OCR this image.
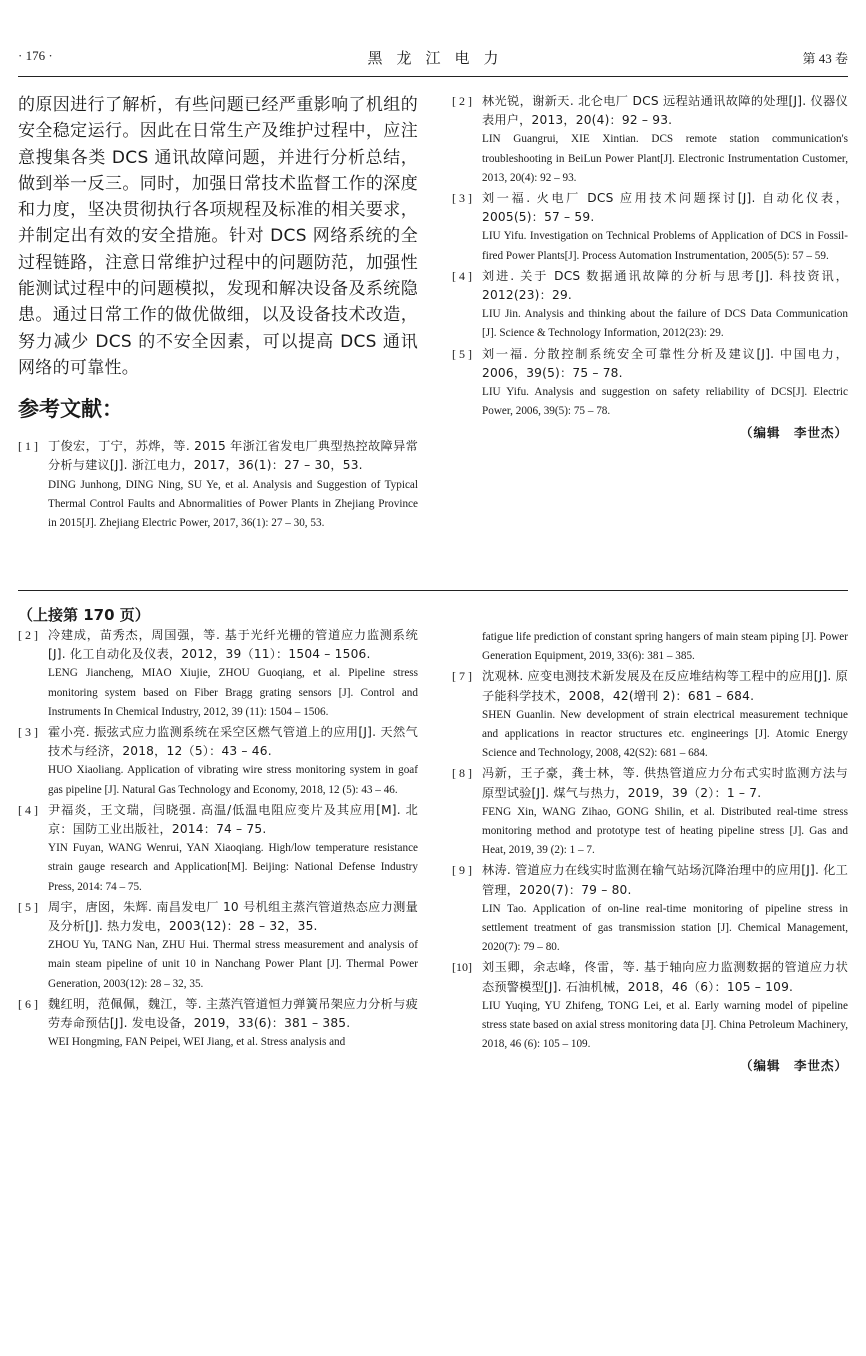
· 176 ·	黑龙江电力	第 43 卷

的原因进行了解析，有些问题已经严重影响了机组的安全稳定运行。因此在日常生产及维护过程中，应注意搜集各类 DCS 通讯故障问题，并进行分析总结，做到举一反三。同时，加强日常技术监督工作的深度和力度，坚决贯彻执行各项规程及标准的相关要求，并制定出有效的安全措施。针对 DCS 网络系统的全过程链路，注意日常维护过程中的问题防范，加强性能测试过程中的问题模拟，发现和解决设备及系统隐患。通过日常工作的做优做细，以及设备技术改造，努力减少 DCS 的不安全因素，可以提高 DCS 通讯网络的可靠性。

参考文献：
[ 1 ] 丁俊宏，丁宁，苏烨，等. 2015 年浙江省发电厂典型热控故障异常分析与建议[J]. 浙江电力，2017，36(1)：27 – 30，53.
DING Junhong, DING Ning, SU Ye, et al. Analysis and Suggestion of Typical Thermal Control Faults and Abnormalities of Power Plants in Zhejiang Province in 2015[J]. Zhejiang Electric Power, 2017, 36(1): 27 – 30, 53.
[ 2 ] 林光锐，谢新天. 北仑电厂 DCS 远程站通讯故障的处理[J]. 仪器仪表用户，2013，20(4)：92 – 93.
LIN Guangrui, XIE Xintian. DCS remote station communication's troubleshooting in BeiLun Power Plant[J]. Electronic Instrumentation Customer, 2013, 20(4): 92 – 93.
[ 3 ] 刘一福. 火电厂 DCS 应用技术问题探讨[J]. 自动化仪表，2005(5)：57 – 59.
LIU Yifu. Investigation on Technical Problems of Application of DCS in Fossil-fired Power Plants[J]. Process Automation Instrumentation, 2005(5): 57 – 59.
[ 4 ] 刘进. 关于 DCS 数据通讯故障的分析与思考[J]. 科技资讯，2012(23)：29.
LIU Jin. Analysis and thinking about the failure of DCS Data Communication [J]. Science & Technology Information, 2012(23): 29.
[ 5 ] 刘一福. 分散控制系统安全可靠性分析及建议[J]. 中国电力，2006，39(5)：75 – 78.
LIU Yifu. Analysis and suggestion on safety reliability of DCS[J]. Electric Power, 2006, 39(5): 75 – 78.
（编辑　李世杰）
（上接第 170 页）
[ 2 ] 冷建成，苗秀杰，周国强，等. 基于光纤光栅的管道应力监测系统[J]. 化工自动化及仪表，2012，39（11）：1504 – 1506.
LENG Jiancheng, MIAO Xiujie, ZHOU Guoqiang, et al. Pipeline stress monitoring system based on Fiber Bragg grating sensors [J]. Control and Instruments In Chemical Industry, 2012, 39 (11): 1504 – 1506.
[ 3 ] 霍小亮. 振弦式应力监测系统在采空区燃气管道上的应用[J]. 天然气技术与经济，2018，12（5）：43 – 46.
HUO Xiaoliang. Application of vibrating wire stress monitoring system in goaf gas pipeline [J]. Natural Gas Technology and Economy, 2018, 12 (5): 43 – 46.
[ 4 ] 尹福炎，王文瑞，闫晓强. 高温/低温电阻应变片及其应用[M]. 北京：国防工业出版社，2014：74 – 75.
YIN Fuyan, WANG Wenrui, YAN Xiaoqiang. High/low temperature resistance strain gauge research and Application[M]. Beijing: National Defense Industry Press, 2014: 74 – 75.
[ 5 ] 周宇，唐囡，朱辉. 南昌发电厂 10 号机组主蒸汽管道热态应力测量及分析[J]. 热力发电，2003(12)：28 – 32，35.
ZHOU Yu, TANG Nan, ZHU Hui. Thermal stress measurement and analysis of main steam pipeline of unit 10 in Nanchang Power Plant [J]. Thermal Power Generation, 2003(12): 28 – 32, 35.
[ 6 ] 魏红明，范佩佩，魏江，等. 主蒸汽管道恒力弹簧吊架应力分析与疲劳寿命预估[J]. 发电设备，2019，33(6)：381 – 385.
WEI Hongming, FAN Peipei, WEI Jiang, et al. Stress analysis and
fatigue life prediction of constant spring hangers of main steam piping [J]. Power Generation Equipment, 2019, 33(6): 381 – 385.
[ 7 ] 沈观林. 应变电测技术新发展及在反应堆结构等工程中的应用[J]. 原子能科学技术，2008，42(增刊 2)：681 – 684.
SHEN Guanlin. New development of strain electrical measurement technique and applications in reactor structures etc. engineerings [J]. Atomic Energy Science and Technology, 2008, 42(S2): 681 – 684.
[ 8 ] 冯新，王子豪，龚士林，等. 供热管道应力分布式实时监测方法与原型试验[J]. 煤气与热力，2019，39（2）：1 – 7.
FENG Xin, WANG Zihao, GONG Shilin, et al. Distributed real-time stress monitoring method and prototype test of heating pipeline stress [J]. Gas and Heat, 2019, 39 (2): 1 – 7.
[ 9 ] 林涛. 管道应力在线实时监测在输气站场沉降治理中的应用[J]. 化工管理，2020(7)：79 – 80.
LIN Tao. Application of on-line real-time monitoring of pipeline stress in settlement treatment of gas transmission station [J]. Chemical Management, 2020(7): 79 – 80.
[10] 刘玉卿，余志峰，佟雷，等. 基于轴向应力监测数据的管道应力状态预警模型[J]. 石油机械，2018，46（6）：105 – 109.
LIU Yuqing, YU Zhifeng, TONG Lei, et al. Early warning model of pipeline stress state based on axial stress monitoring data [J]. China Petroleum Machinery, 2018, 46 (6): 105 – 109.
（编辑　李世杰）
